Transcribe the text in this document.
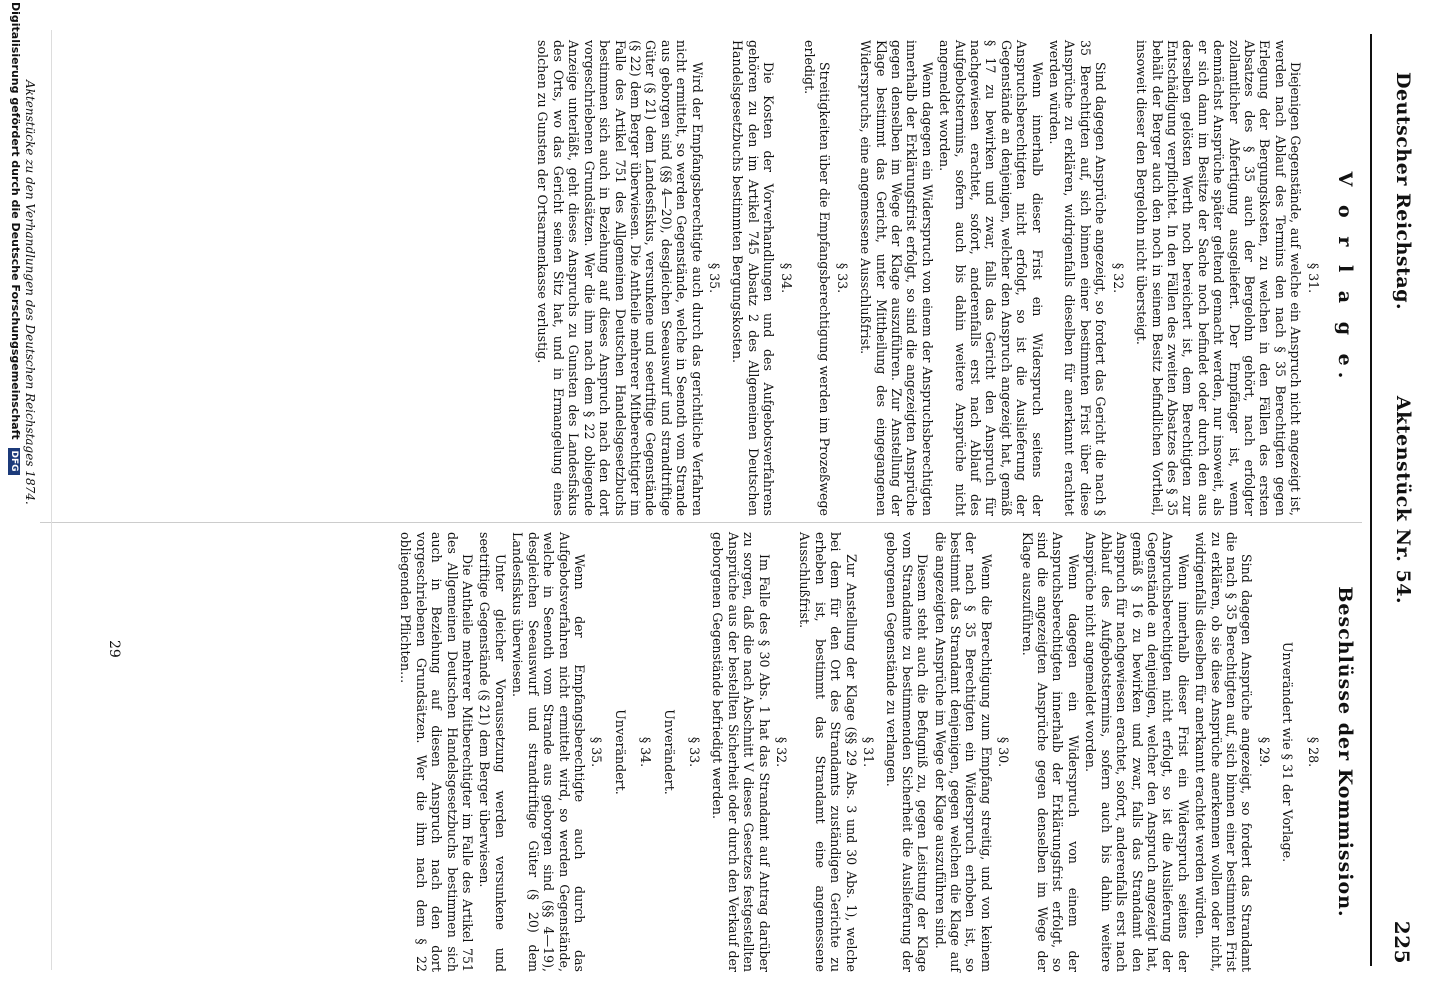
Deutscher Reichstag.
Aktenstück Nr. 54.
225
V o r l a g e.
§ 31.
Diejenigen Gegenstände, auf welche ein Anspruch nicht angezeigt ist, werden nach Ablauf des Termins den nach § 35 Berechtigten gegen Erlegung der Bergungskosten, zu welchen in den Fällen des ersten Absatzes des § 35 auch der Bergelohn gehört, nach erfolgter zollamtlicher Abfertigung ausgeliefert. Der Empfänger ist, wenn demnächst Ansprüche später geltend gemacht werden, nur insoweit, als er sich dann im Besitze der Sache noch befindet oder durch den aus derselben gelösten Werth noch bereichert ist, dem Berechtigten zur Entschädigung verpflichtet. In den Fällen des zweiten Absatzes des § 35 behält der Berger auch den noch in seinem Besitz befindlichen Vortheil, insoweit dieser den Bergelohn nicht übersteigt.
§ 32.
Sind dagegen Ansprüche angezeigt, so fordert das Gericht die nach § 35 Berechtigten auf, sich binnen einer bestimmten Frist über diese Ansprüche zu erklären, widrigenfalls dieselben für anerkannt erachtet werden würden.
Wenn innerhalb dieser Frist ein Widerspruch seitens der Anspruchsberechtigten nicht erfolgt, so ist die Auslieferung der Gegenstände an denjenigen, welcher den Anspruch angezeigt hat, gemäß § 17 zu bewirken und zwar, falls das Gericht den Anspruch für nachgewiesen erachtet, sofort, anderenfalls erst nach Ablauf des Aufgebotstermins, sofern auch bis dahin weitere Ansprüche nicht angemeldet worden.
Wenn dagegen ein Widerspruch von einem der Anspruchsberechtigten innerhalb der Erklärungsfrist erfolgt, so sind die angezeigten Ansprüche gegen denselben im Wege der Klage auszuführen. Zur Anstellung der Klage bestimmt das Gericht, unter Mittheilung des eingegangenen Widerspruchs, eine angemessene Ausschlußfrist.
§ 33.
Streitigkeiten über die Empfangsberechtigung werden im Prozeßwege erledigt.
§ 34.
Die Kosten der Vorverhandlungen und des Aufgebotsverfahrens gehören zu den im Artikel 745 Absatz 2 des Allgemeinen Deutschen Handelsgesetzbuchs bestimmten Bergungskosten.
§ 35.
Wird der Empfangsberechtigte auch durch das gerichtliche Verfahren nicht ermittelt, so werden Gegenstände, welche in Seenoth vom Strande aus geborgen sind (§§ 4—20), desgleichen Seeauswurf und strandtriftige Güter (§ 21) dem Landesfiskus, versunkene und seetriftige Gegenstände (§ 22) dem Berger überwiesen. Die Antheile mehrerer Mitberechtigter im Falle des Artikel 751 des Allgemeinen Deutschen Handelsgesetzbuchs bestimmen sich auch in Beziehung auf dieses Anspruch nach den dort vorgeschriebenen Grundsätzen. Wer die ihm nach dem § 22 obliegende Anzeige unterläßt, geht dieses Anspruchs zu Gunsten des Landesfiskus des Orts, wo das Gericht seinen Sitz hat, und in Ermangelung eines solchen zu Gunsten der Ortsarmenkasse verlustig.
Beschlüsse der Kommission.
§ 28.
Unverändert wie § 31 der Vorlage.
§ 29.
Sind dagegen Ansprüche angezeigt, so fordert das Strandamt die nach § 35 Berechtigten auf, sich binnen einer bestimmten Frist zu erklären, ob sie diese Ansprüche anerkennen wollen oder nicht, widrigenfalls dieselben für anerkannt erachtet werden würden.
Wenn innerhalb dieser Frist ein Widerspruch seitens der Anspruchsberechtigten nicht erfolgt, so ist die Auslieferung der Gegenstände an denjenigen, welcher den Anspruch angezeigt hat, gemäß § 16 zu bewirken und zwar, falls das Strandamt den Anspruch für nachgewiesen erachtet, sofort, anderenfalls erst nach Ablauf des Aufgebotstermins, sofern auch bis dahin weitere Ansprüche nicht angemeldet worden.
Wenn dagegen ein Widerspruch von einem der Anspruchsberechtigten innerhalb der Erklärungsfrist erfolgt, so sind die angezeigten Ansprüche gegen denselben im Wege der Klage auszuführen.
§ 30.
Wenn die Berechtigung zum Empfang streitig, und von keinem der nach § 35 Berechtigten ein Widerspruch erhoben ist, so bestimmt das Strandamt denjenigen, gegen welchen die Klage auf die angezeigten Ansprüche im Wege der Klage auszuführen sind.
Diesem steht auch die Befugniß zu, gegen Leistung der Klage vom Strandamte zu bestimmenden Sicherheit die Auslieferung der geborgenen Gegenstände zu verlangen.
§ 31.
Zur Anstellung der Klage (§§ 29 Abs. 3 und 30 Abs. 1), welche bei dem für den Ort des Strandamts zuständigen Gerichte zu erheben ist, bestimmt das Strandamt eine angemessene Ausschlußfrist.
§ 32.
Im Falle des § 30 Abs. 1 hat das Strandamt auf Antrag darüber zu sorgen, daß die nach Abschnitt V dieses Gesetzes festgestellten Ansprüche aus der bestellten Sicherheit oder durch den Verkauf der geborgenen Gegenstände befriedigt werden.
§ 33.
Unverändert.
§ 34.
Unverändert.
§ 35.
Wenn der Empfangsberechtigte auch durch das Aufgebotsverfahren nicht ermittelt wird, so werden Gegenstände, welche in Seenoth vom Strande aus geborgen sind (§§ 4—19), desgleichen Seeauswurf und strandtriftige Güter (§ 20) dem Landesfiskus überwiesen.
Unter gleicher Voraussetzung werden versunkene und seetriftige Gegenstände (§ 21) dem Berger überwiesen.
Die Antheile mehrerer Mitberechtigter im Falle des Artikel 751 des Allgemeinen Deutschen Handelsgesetzbuchs bestimmen sich auch in Beziehung auf diesen Anspruch nach den dort vorgeschriebenen Grundsätzen. Wer die ihm nach dem § 22 obliegenden Pflichten...
29
Aktenstücke zu den Verhandlungen des Deutschen Reichstages 1874.
Digitalisierung gefördert durch die Deutsche Forschungsgemeinschaft DFG
